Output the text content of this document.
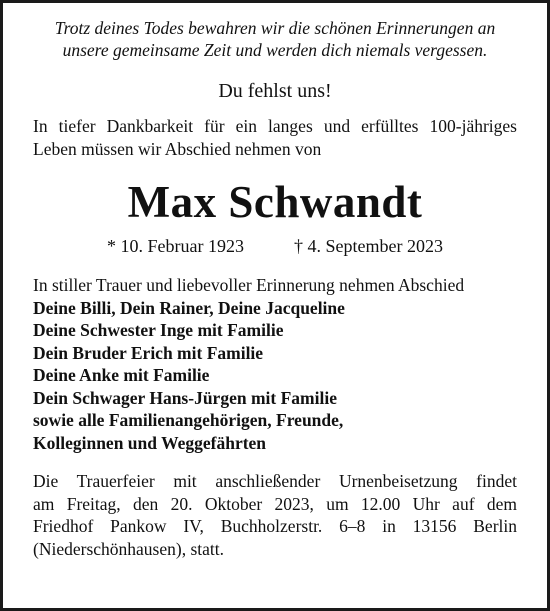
Trotz deines Todes bewahren wir die schönen Erinnerungen an
unsere gemeinsame Zeit und werden dich niemals vergessen.

Du fehlst uns!

In tiefer Dankbarkeit für ein langes und erfülltes 100-jähriges
Leben müssen wir Abschied nehmen von

Max Schwandt
* 10. Februar 1923	† 4. September 2023
In stiller Trauer und liebevoller Erinnerung nehmen Abschied
Deine Billi, Dein Rainer, Deine Jacqueline
Deine Schwester Inge mit Familie
Dein Bruder Erich mit Familie
Deine Anke mit Familie
Dein Schwager Hans-Jürgen mit Familie
sowie alle Familienangehörigen, Freunde,
Kolleginnen und Weggefährten

Die Trauerfeier mit anschließender Urnenbeisetzung findet
am Freitag, den 20. Oktober 2023, um 12.00 Uhr auf dem
Friedhof Pankow IV, Buchholzerstr. 6–8 in 13156 Berlin
(Niederschönhausen), statt.
